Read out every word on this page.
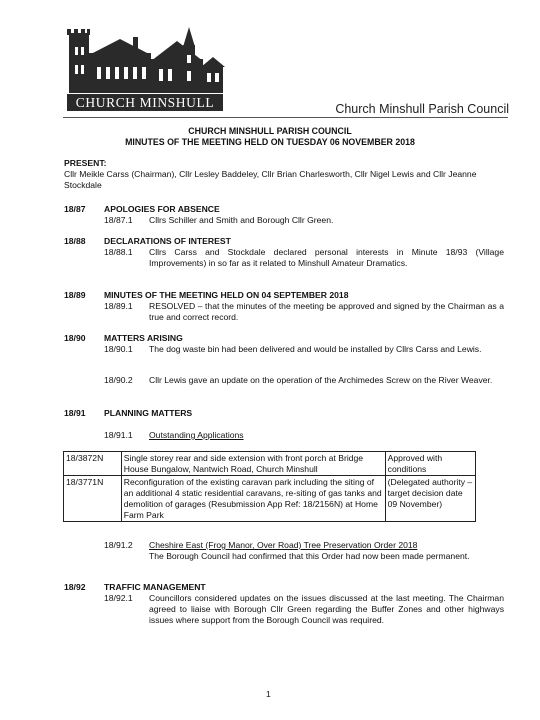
CHURCH MINSHULL	Church Minshull Parish Council
CHURCH MINSHULL PARISH COUNCIL
MINUTES OF THE MEETING HELD ON TUESDAY 06 NOVEMBER 2018
PRESENT:
Cllr Meikle Carss (Chairman), Cllr Lesley Baddeley, Cllr Brian Charlesworth, Cllr Nigel Lewis and Cllr Jeanne Stockdale
18/87 APOLOGIES FOR ABSENCE
18/87.1 Cllrs Schiller and Smith and Borough Cllr Green.
18/88 DECLARATIONS OF INTEREST
18/88.1 Cllrs Carss and Stockdale declared personal interests in Minute 18/93 (Village Improvements) in so far as it related to Minshull Amateur Dramatics.
18/89 MINUTES OF THE MEETING HELD ON 04 SEPTEMBER 2018
18/89.1 RESOLVED – that the minutes of the meeting be approved and signed by the Chairman as a true and correct record.
18/90 MATTERS ARISING
18/90.1 The dog waste bin had been delivered and would be installed by Cllrs Carss and Lewis.
18/90.2 Cllr Lewis gave an update on the operation of the Archimedes Screw on the River Weaver.
18/91 PLANNING MATTERS
18/91.1 Outstanding Applications
18/3872N	Single storey rear and side extension with front porch at Bridge House Bungalow, Nantwich Road, Church Minshull	Approved with conditions
18/3771N	Reconfiguration of the existing caravan park including the siting of an additional 4 static residential caravans, re-siting of gas tanks and demolition of garages (Resubmission App Ref: 18/2156N) at Home Farm Park	(Delegated authority – target decision date 09 November)
18/91.2 Cheshire East (Frog Manor, Over Road) Tree Preservation Order 2018
The Borough Council had confirmed that this Order had now been made permanent.
18/92 TRAFFIC MANAGEMENT
18/92.1 Councillors considered updates on the issues discussed at the last meeting. The Chairman agreed to liaise with Borough Cllr Green regarding the Buffer Zones and other highways issues where support from the Borough Council was required.
1
